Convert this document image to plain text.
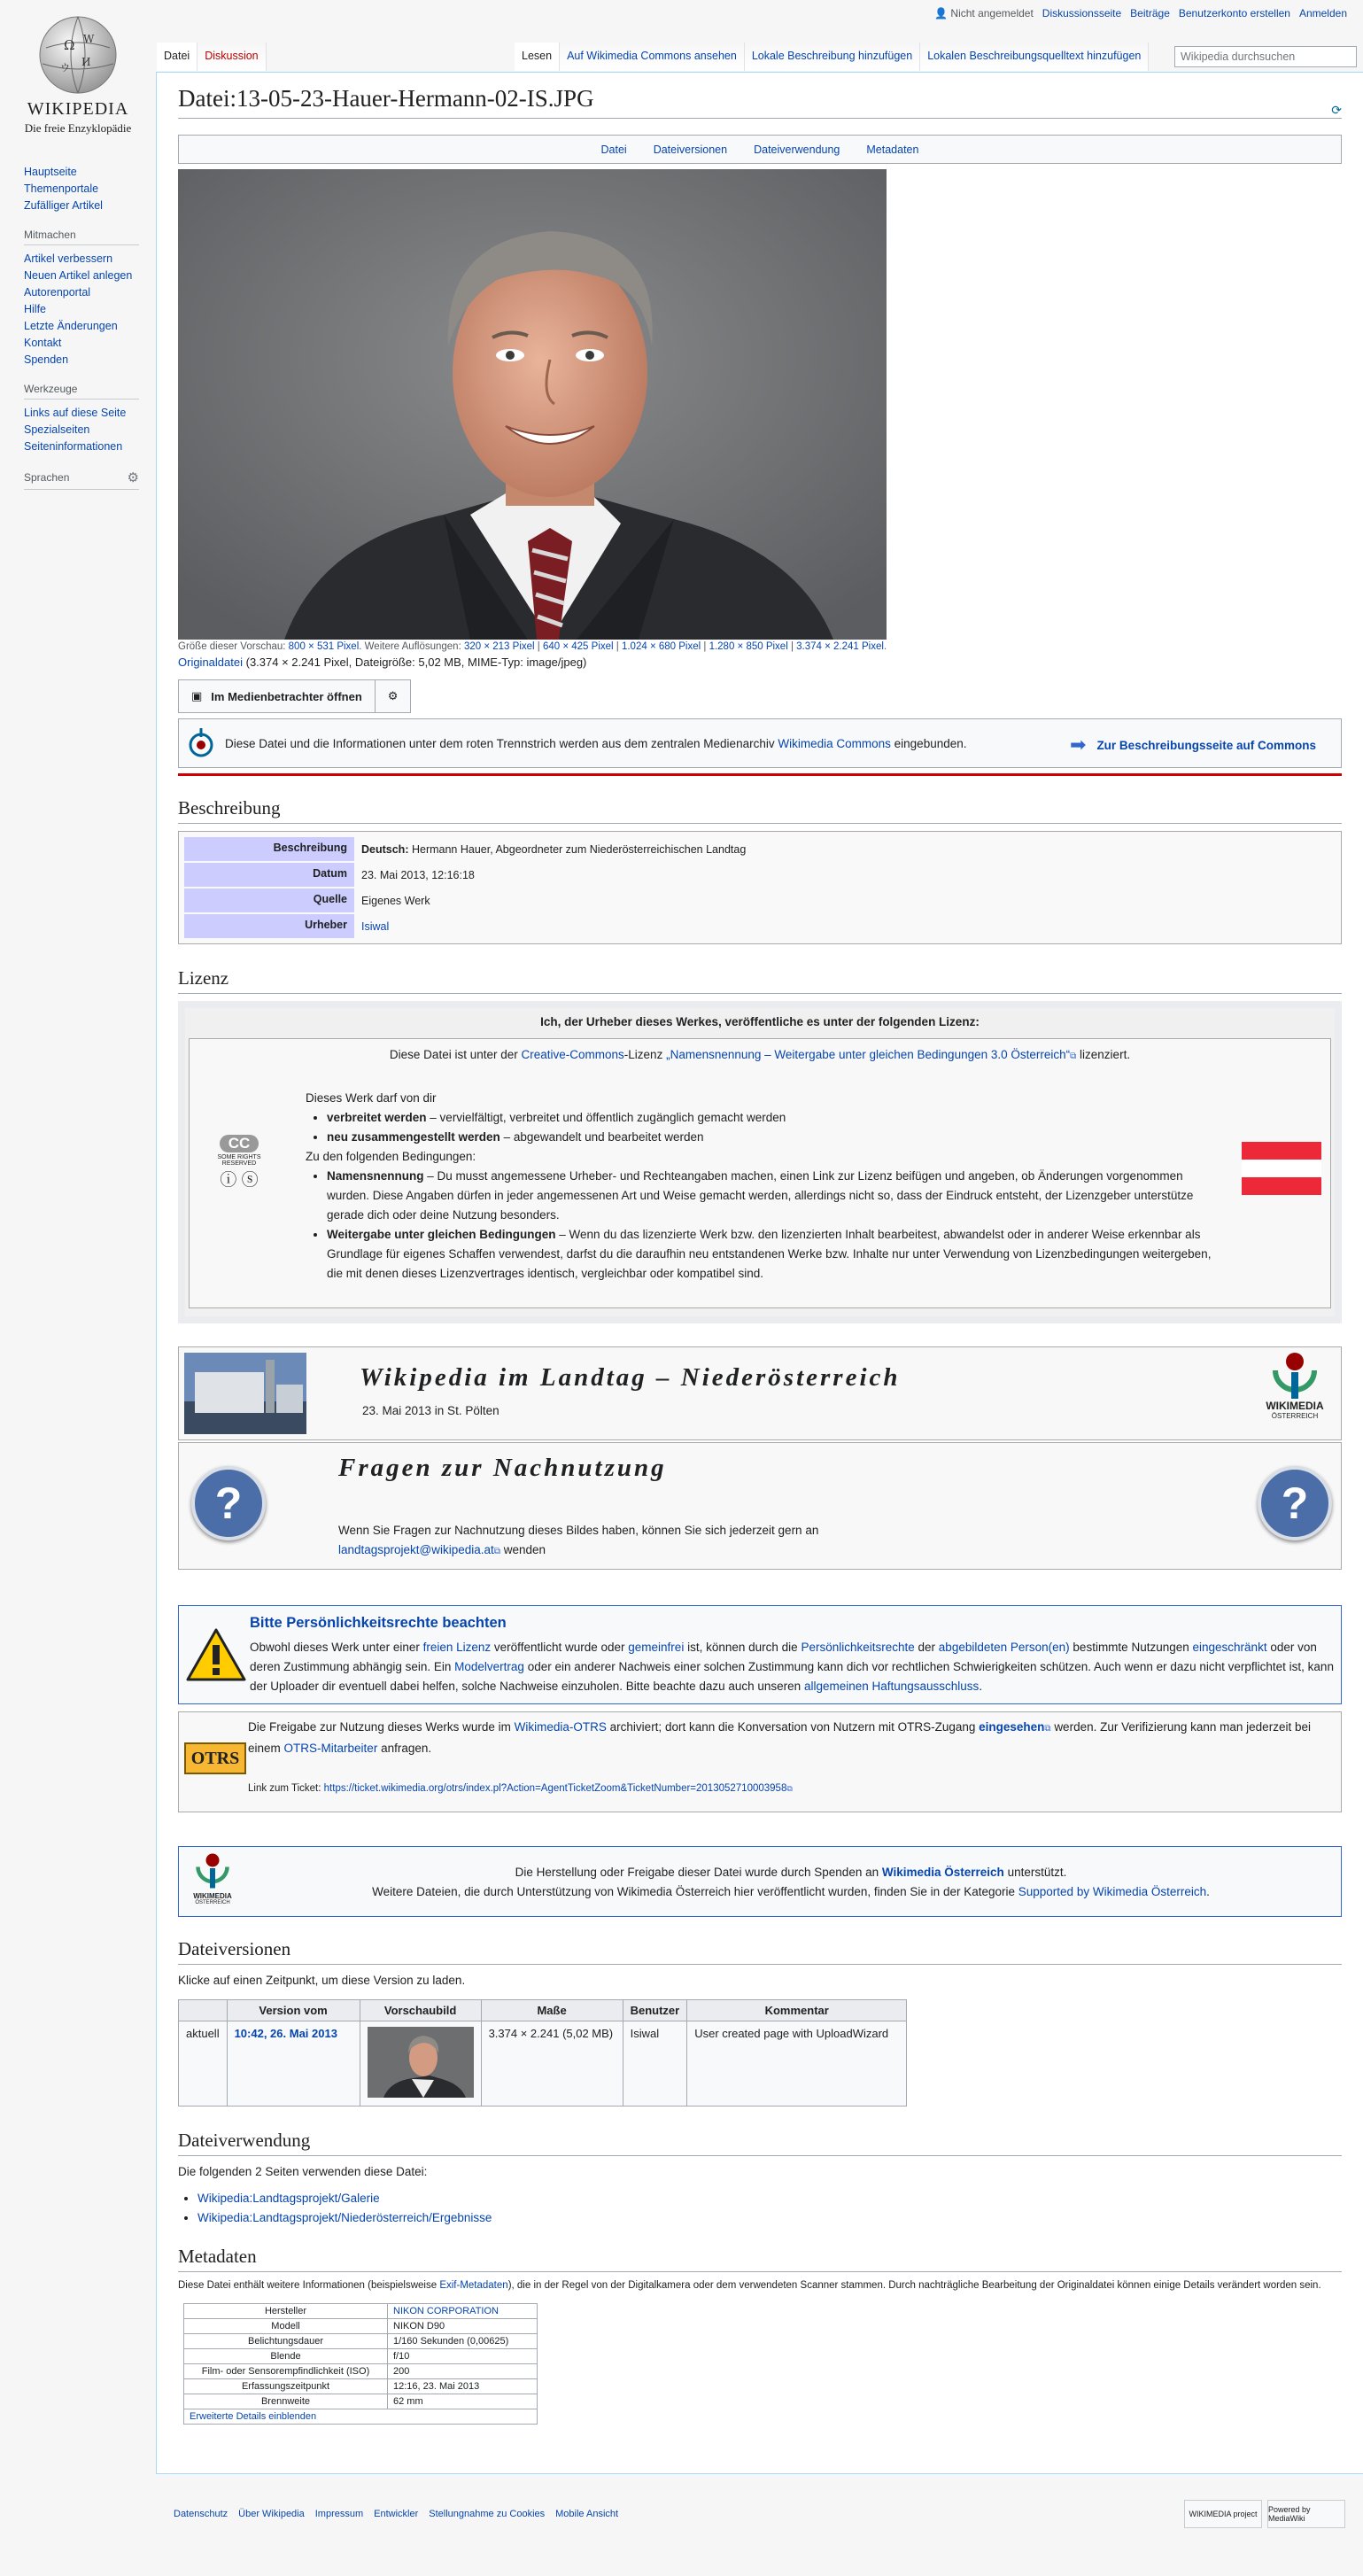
Ω W
И
ウ
WIKIPEDIA
Die freie Enzyklopädie
Hauptseite
Themenportale
Zufälliger Artikel
Mitmachen
Artikel verbessern
Neuen Artikel anlegen
Autorenportal
Hilfe
Letzte Änderungen
Kontakt
Spenden
Werkzeuge
Links auf diese Seite
Spezialseiten
Seiteninformationen
Sprachen	⚙
👤 Nicht angemeldet Diskussionsseite Beiträge Benutzerkonto erstellen Anmelden
Datei	Diskussion	Lesen	Auf Wikimedia Commons ansehen	Lokale Beschreibung hinzufügen	Lokalen Beschreibungsquelltext hinzufügen	Wikipedia durchsuchen
Datei:13-05-23-Hauer-Hermann-02-IS.JPG	⟳
Datei Dateiversionen Dateiverwendung Metadaten
Größe dieser Vorschau: 800 × 531 Pixel. Weitere Auflösungen: 320 × 213 Pixel | 640 × 425 Pixel | 1.024 × 680 Pixel | 1.280 × 850 Pixel | 3.374 × 2.241 Pixel.
Originaldatei (3.374 × 2.241 Pixel, Dateigröße: 5,02 MB, MIME-Typ: image/jpeg)
▣ Im Medienbetrachter öffnen ⚙
Diese Datei und die Informationen unter dem roten Trennstrich werden aus dem zentralen Medienarchiv
Wikimedia Commons
eingebunden.	➡ Zur Beschreibungsseite auf Commons
Beschreibung
Beschreibung	Deutsch: Hermann Hauer, Abgeordneter zum Niederösterreichischen Landtag
Datum	23. Mai 2013, 12:16:18
Quelle	Eigenes Werk
Urheber	Isiwal
Lizenz
Ich, der Urheber dieses Werkes, veröffentliche es unter der folgenden Lizenz:
Diese Datei ist unter der Creative-Commons-Lizenz „Namensnennung – Weitergabe unter gleichen Bedingungen 3.0 Österreich“⧉ lizenziert.
CC
SOME RIGHTS RESERVED
ⓘ ⓢ
Dieses Werk darf von dir
• verbreitet werden – vervielfältigt, verbreitet und öffentlich zugänglich gemacht werden
• neu zusammengestellt werden – abgewandelt und bearbeitet werden
Zu den folgenden Bedingungen:
• Namensnennung – Du musst angemessene Urheber- und Rechteangaben machen, einen Link zur Lizenz beifügen und angeben, ob Änderungen vorgenommen wurden. Diese Angaben dürfen in jeder angemessenen Art und Weise gemacht werden, allerdings nicht so, dass der Eindruck entsteht, der Lizenzgeber unterstütze gerade dich oder deine Nutzung besonders.
• Weitergabe unter gleichen Bedingungen – Wenn du das lizenzierte Werk bzw. den lizenzierten Inhalt bearbeitest, abwandelst oder in anderer Weise erkennbar als Grundlage für eigenes Schaffen verwendest, darfst du die daraufhin neu entstandenen Werke bzw. Inhalte nur unter Verwendung von Lizenzbedingungen weitergeben, die mit denen dieses Lizenzvertrages identisch, vergleichbar oder kompatibel sind.
Wikipedia im Landtag – Niederösterreich
23. Mai 2013 in St. Pölten	WIKIMEDIA
ÖSTERREICH
?
Fragen zur Nachnutzung
Wenn Sie Fragen zur Nachnutzung dieses Bildes haben, können Sie sich jederzeit gern an
landtagsprojekt@wikipedia.at⧉ wenden
?
Bitte Persönlichkeitsrechte beachten
Obwohl dieses Werk unter einer freien Lizenz veröffentlicht wurde oder gemeinfrei ist, können durch die Persönlichkeitsrechte der abgebildeten Person(en) bestimmte Nutzungen eingeschränkt oder von deren Zustimmung abhängig sein. Ein Modelvertrag oder ein anderer Nachweis einer solchen Zustimmung kann dich vor rechtlichen Schwierigkeiten schützen. Auch wenn er dazu nicht verpflichtet ist, kann der Uploader dir eventuell dabei helfen, solche Nachweise einzuholen. Bitte beachte dazu auch unseren allgemeinen Haftungsausschluss.
OTRS
Die Freigabe zur Nutzung dieses Werks wurde im Wikimedia-OTRS archiviert; dort kann die Konversation von Nutzern mit OTRS-Zugang eingesehen⧉ werden. Zur Verifizierung kann man jederzeit bei einem OTRS-Mitarbeiter anfragen.
Link zum Ticket: https://ticket.wikimedia.org/otrs/index.pl?Action=AgentTicketZoom&TicketNumber=2013052710003958⧉
WIKIMEDIA
ÖSTERREICH
Die Herstellung oder Freigabe dieser Datei wurde durch Spenden an Wikimedia Österreich unterstützt.
Weitere Dateien, die durch Unterstützung von Wikimedia Österreich hier veröffentlicht wurden, finden Sie in der Kategorie Supported by Wikimedia Österreich.
Dateiversionen
Klicke auf einen Zeitpunkt, um diese Version zu laden.
	Version vom	Vorschaubild	Maße	Benutzer	Kommentar
aktuell	10:42, 26. Mai 2013		3.374 × 2.241 (5,02 MB)	Isiwal	User created page with UploadWizard
Dateiverwendung
Die folgenden 2 Seiten verwenden diese Datei:
• Wikipedia:Landtagsprojekt/Galerie
• Wikipedia:Landtagsprojekt/Niederösterreich/Ergebnisse
Metadaten
Diese Datei enthält weitere Informationen (beispielsweise Exif-Metadaten), die in der Regel von der Digitalkamera oder dem verwendeten Scanner stammen. Durch nachträgliche Bearbeitung der Originaldatei können einige Details verändert worden sein.
Hersteller	NIKON CORPORATION
Modell	NIKON D90
Belichtungsdauer	1/160 Sekunden (0,00625)
Blende	f/10
Film- oder Sensorempfindlichkeit (ISO)	200
Erfassungszeitpunkt	12:16, 23. Mai 2013
Brennweite	62 mm
Erweiterte Details einblenden	
Datenschutz Über Wikipedia Impressum Entwickler Stellungnahme zu Cookies Mobile Ansicht	WIKIMEDIA project	Powered by MediaWiki
